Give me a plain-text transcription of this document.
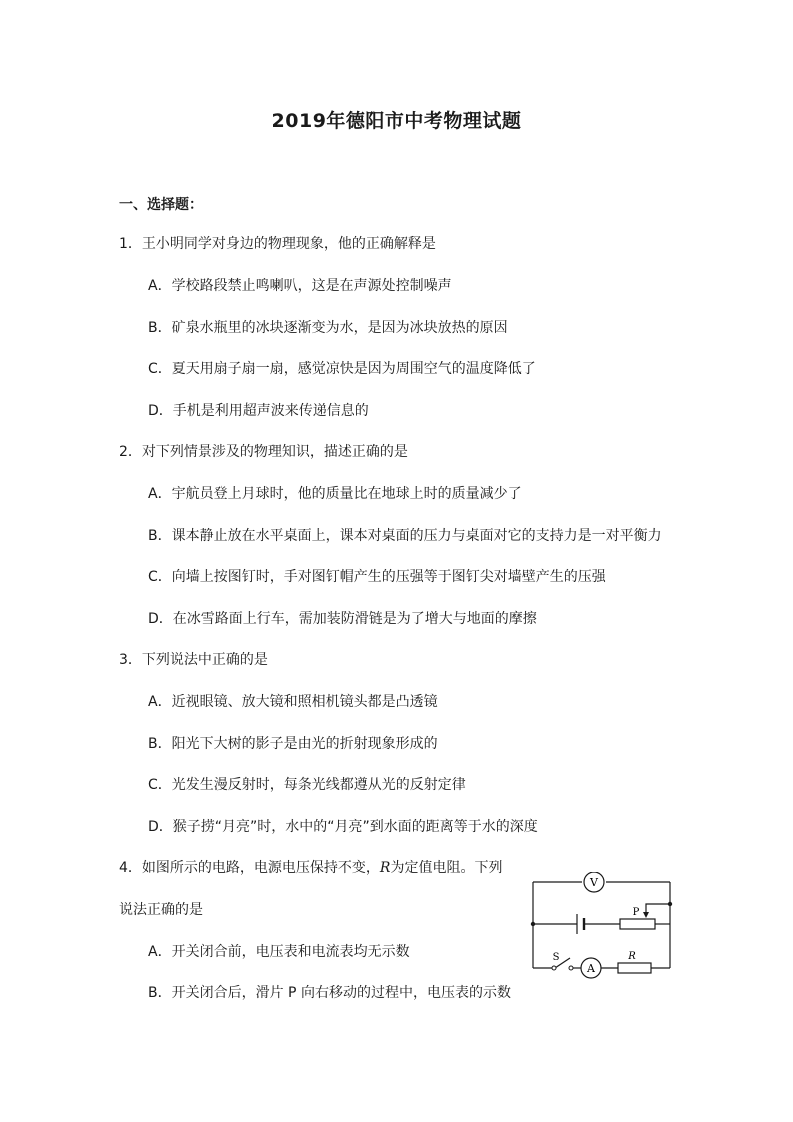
2019年德阳市中考物理试题
一、选择题：
1．王小明同学对身边的物理现象，他的正确解释是
A．学校路段禁止鸣喇叭，这是在声源处控制噪声
B．矿泉水瓶里的冰块逐渐变为水，是因为冰块放热的原因
C．夏天用扇子扇一扇，感觉凉快是因为周围空气的温度降低了
D．手机是利用超声波来传递信息的
2．对下列情景涉及的物理知识，描述正确的是
A．宇航员登上月球时，他的质量比在地球上时的质量减少了
B．课本静止放在水平桌面上，课本对桌面的压力与桌面对它的支持力是一对平衡力
C．向墙上按图钉时，手对图钉帽产生的压强等于图钉尖对墙壁产生的压强
D．在冰雪路面上行车，需加装防滑链是为了增大与地面的摩擦
3．下列说法中正确的是
A．近视眼镜、放大镜和照相机镜头都是凸透镜
B．阳光下大树的影子是由光的折射现象形成的
C．光发生漫反射时，每条光线都遵从光的反射定律
D．猴子捞“月亮”时，水中的“月亮”到水面的距离等于水的深度
4．如图所示的电路，电源电压保持不变，R为定值电阻。下列
说法正确的是
A．开关闭合前，电压表和电流表均无示数
B．开关闭合后，滑片 P 向右移动的过程中，电压表的示数
V
A
P
S	R
